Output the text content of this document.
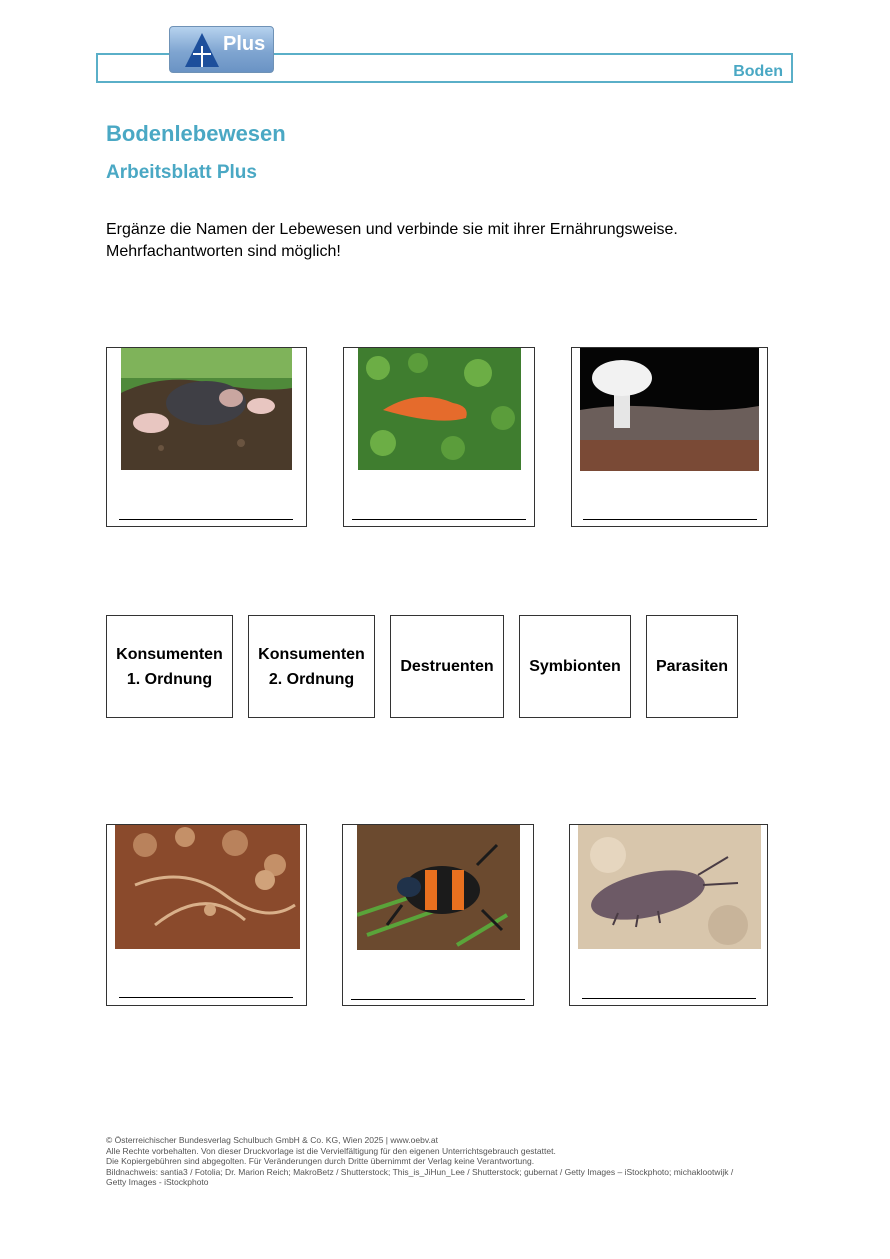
Boden
Plus
Bodenlebewesen
Arbeitsblatt Plus
Ergänze die Namen der Lebewesen und verbinde sie mit ihrer Ernährungsweise.
Mehrfachantworten sind möglich!
Konsumenten
1. Ordnung
Konsumenten
2. Ordnung
Destruenten Symbionten Parasiten
© Österreichischer Bundesverlag Schulbuch GmbH & Co. KG, Wien 2025 | www.oebv.at
Alle Rechte vorbehalten. Von dieser Druckvorlage ist die Vervielfältigung für den eigenen Unterrichtsgebrauch gestattet.
Die Kopiergebühren sind abgegolten. Für Veränderungen durch Dritte übernimmt der Verlag keine Verantwortung.
Bildnachweis: santia3 / Fotolia; Dr. Marion Reich; MakroBetz / Shutterstock; This_is_JiHun_Lee / Shutterstock; gubernat / Getty Images – iStockphoto; michaklootwijk /
Getty Images - iStockphoto
